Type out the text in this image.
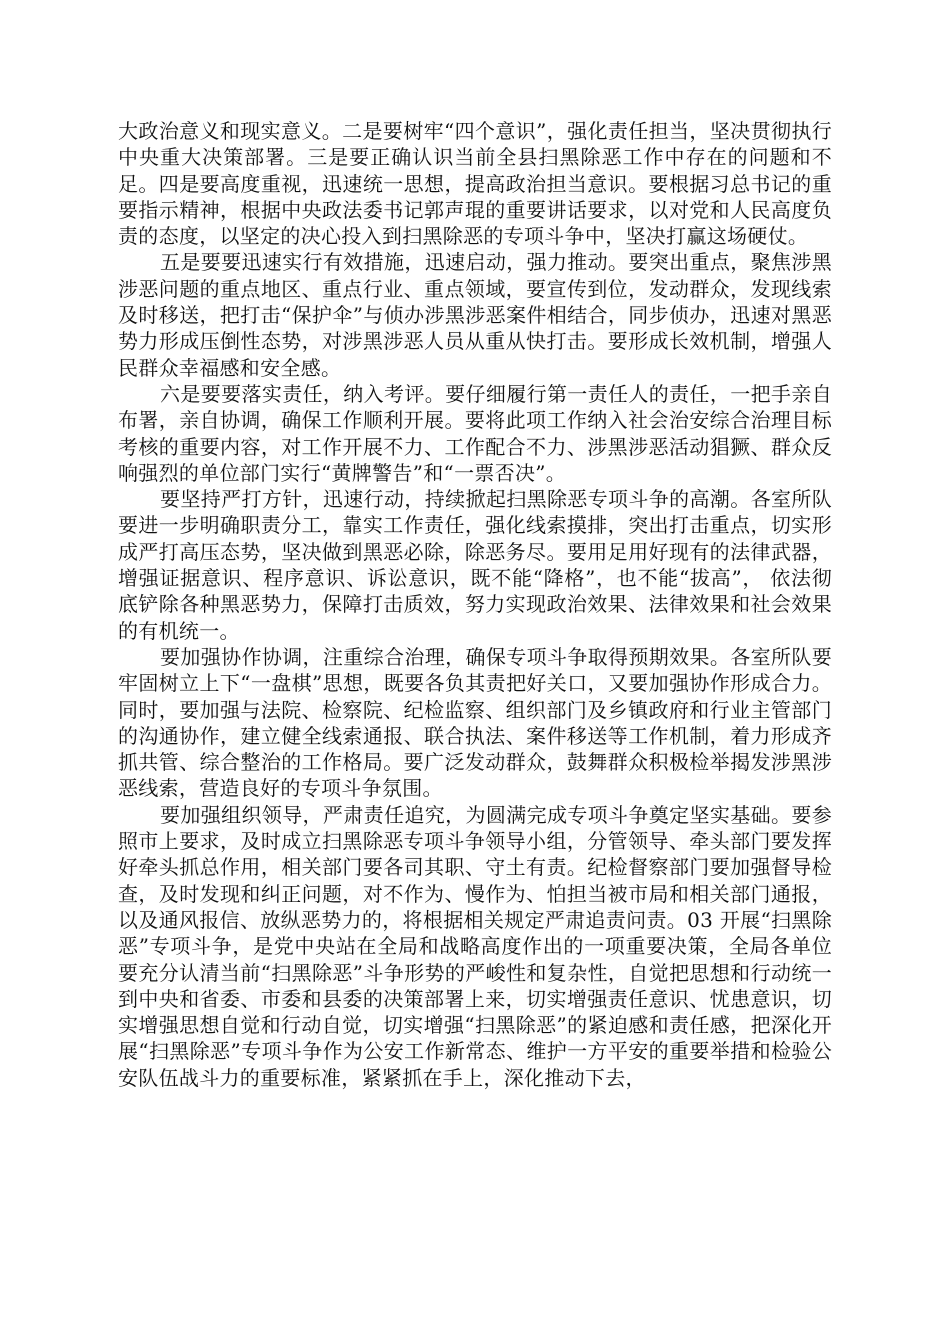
大政治意义和现实意义。二是要树牢“四个意识”，强化责任担当，坚决贯彻执行中央重大决策部署。三是要正确认识当前全县扫黑除恶工作中存在的问题和不足。四是要高度重视，迅速统一思想，提高政治担当意识。要根据习总书记的重要指示精神，根据中央政法委书记郭声琨的重要讲话要求，以对党和人民高度负责的态度，以坚定的决心投入到扫黑除恶的专项斗争中，坚决打赢这场硬仗。

五是要要迅速实行有效措施，迅速启动，强力推动。要突出重点，聚焦涉黑涉恶问题的重点地区、重点行业、重点领域，要宣传到位，发动群众，发现线索及时移送，把打击“保护伞”与侦办涉黑涉恶案件相结合，同步侦办，迅速对黑恶势力形成压倒性态势，对涉黑涉恶人员从重从快打击。要形成长效机制，增强人民群众幸福感和安全感。

六是要要落实责任，纳入考评。要仔细履行第一责任人的责任，一把手亲自布署，亲自协调，确保工作顺利开展。要将此项工作纳入社会治安综合治理目标考核的重要内容，对工作开展不力、工作配合不力、涉黑涉恶活动猖獗、群众反响强烈的单位部门实行“黄牌警告”和“一票否决”。

要坚持严打方针，迅速行动，持续掀起扫黑除恶专项斗争的高潮。各室所队要进一步明确职责分工，靠实工作责任，强化线索摸排，突出打击重点，切实形成严打高压态势，坚决做到黑恶必除，除恶务尽。要用足用好现有的法律武器，增强证据意识、程序意识、诉讼意识，既不能“降格”，也不能“拔高”， 依法彻底铲除各种黑恶势力，保障打击质效，努力实现政治效果、法律效果和社会效果的有机统一。

要加强协作协调，注重综合治理，确保专项斗争取得预期效果。各室所队要牢固树立上下“一盘棋”思想，既要各负其责把好关口，又要加强协作形成合力。同时，要加强与法院、检察院、纪检监察、组织部门及乡镇政府和行业主管部门的沟通协作，建立健全线索通报、联合执法、案件移送等工作机制，着力形成齐抓共管、综合整治的工作格局。要广泛发动群众，鼓舞群众积极检举揭发涉黑涉恶线索，营造良好的专项斗争氛围。

要加强组织领导，严肃责任追究，为圆满完成专项斗争奠定坚实基础。要参照市上要求，及时成立扫黑除恶专项斗争领导小组，分管领导、牵头部门要发挥好牵头抓总作用，相关部门要各司其职、守土有责。纪检督察部门要加强督导检查，及时发现和纠正问题，对不作为、慢作为、怕担当被市局和相关部门通报，以及通风报信、放纵恶势力的，将根据相关规定严肃追责问责。03 开展“扫黑除恶”专项斗争，是党中央站在全局和战略高度作出的一项重要决策，全局各单位要充分认清当前“扫黑除恶”斗争形势的严峻性和复杂性，自觉把思想和行动统一到中央和省委、市委和县委的决策部署上来，切实增强责任意识、忧患意识，切实增强思想自觉和行动自觉，切实增强“扫黑除恶”的紧迫感和责任感，把深化开展“扫黑除恶”专项斗争作为公安工作新常态、维护一方平安的重要举措和检验公安队伍战斗力的重要标准，紧紧抓在手上，深化推动下去，
